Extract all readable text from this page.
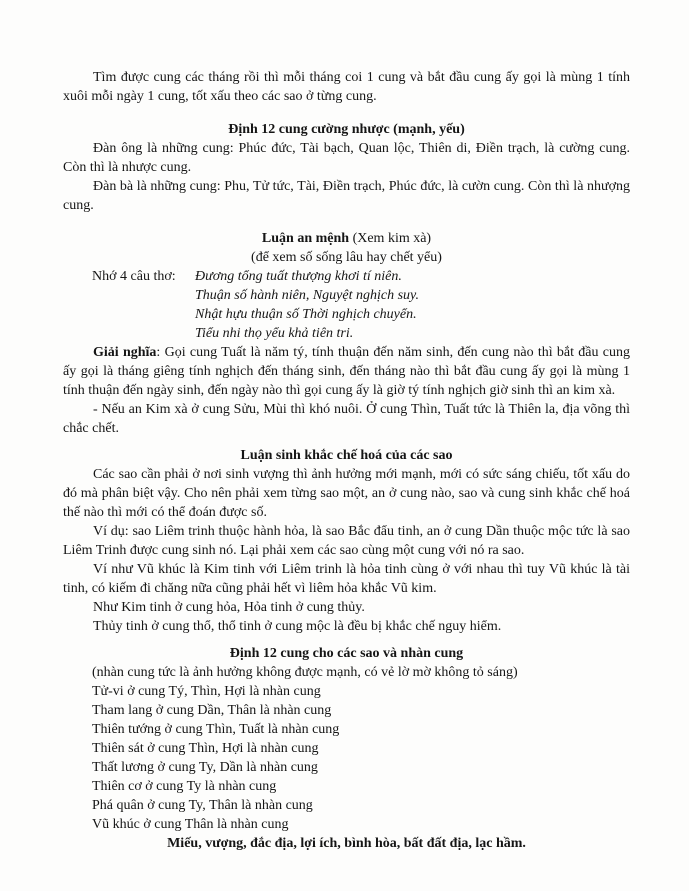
Tìm được cung các tháng rồi thì mỗi tháng coi 1 cung và bắt đầu cung ấy gọi là mùng 1 tính xuôi mỗi ngày 1 cung, tốt xấu theo các sao ở từng cung.

Định 12 cung cường nhược (mạnh, yếu)

Đàn ông là những cung: Phúc đức, Tài bạch, Quan lộc, Thiên di, Điền trạch, là cường cung. Còn thì là nhược cung.

Đàn bà là những cung: Phu, Tử tức, Tài, Điền trạch, Phúc đức, là cườn cung. Còn thì là nhượng cung.

Luận an mệnh (Xem kim xà)

(để xem số sống lâu hay chết yểu)

Nhớ 4 câu thơ: Đương tổng tuất thượng khơi tí niên.

Thuận số hành niên, Nguyệt nghịch suy.

Nhật hựu thuận số Thời nghịch chuyển.

Tiểu nhi thọ yểu khả tiên tri.

Giải nghĩa: Gọi cung Tuất là năm tý, tính thuận đến năm sinh, đến cung nào thì bắt đầu cung ấy gọi là tháng giêng tính nghịch đến tháng sinh, đến tháng nào thì bắt đầu cung ấy gọi là mùng 1 tính thuận đến ngày sinh, đến ngày nào thì gọi cung ấy là giờ tý tính nghịch giờ sinh thì an kim xà.

- Nếu an Kim xà ở cung Sửu, Mùi thì khó nuôi. Ở cung Thìn, Tuất tức là Thiên la, địa võng thì chắc chết.

Luận sinh khắc chế hoá của các sao

Các sao cần phải ở nơi sinh vượng thì ảnh hưởng mới mạnh, mới có sức sáng chiếu, tốt xấu do đó mà phân biệt vậy. Cho nên phải xem từng sao một, an ở cung nào, sao và cung sinh khắc chế hoá thế nào thì mới có thể đoán được số.

Ví dụ: sao Liêm trinh thuộc hành hỏa, là sao Bắc đẩu tinh, an ở cung Dần thuộc mộc tức là sao Liêm Trinh được cung sinh nó. Lại phải xem các sao cùng một cung với nó ra sao.

Ví như Vũ khúc là Kim tinh với Liêm trinh là hỏa tinh cùng ở với nhau thì tuy Vũ khúc là tài tinh, có kiếm đi chăng nữa cũng phải hết vì liêm hỏa khắc Vũ kim.

Như Kim tinh ở cung hỏa, Hỏa tinh ở cung thủy.

Thủy tinh ở cung thổ, thổ tinh ở cung mộc là đều bị khắc chế nguy hiểm.

Định 12 cung cho các sao và nhàn cung

(nhàn cung tức là ảnh hưởng không được mạnh, có vẻ lờ mờ không tỏ sáng)

Tử-vi ở cung Tý, Thìn, Hợi là nhàn cung

Tham lang ở cung Dần, Thân là nhàn cung

Thiên tướng ở cung Thìn, Tuất là nhàn cung

Thiên sát ở cung Thìn, Hợi là nhàn cung

Thất lương ở cung Ty, Dần là nhàn cung

Thiên cơ ở cung Ty là nhàn cung

Phá quân ở cung Ty, Thân là nhàn cung

Vũ khúc ở cung Thân là nhàn cung

Miếu, vượng, đắc địa, lợi ích, bình hòa, bất đất địa, lạc hầm.
